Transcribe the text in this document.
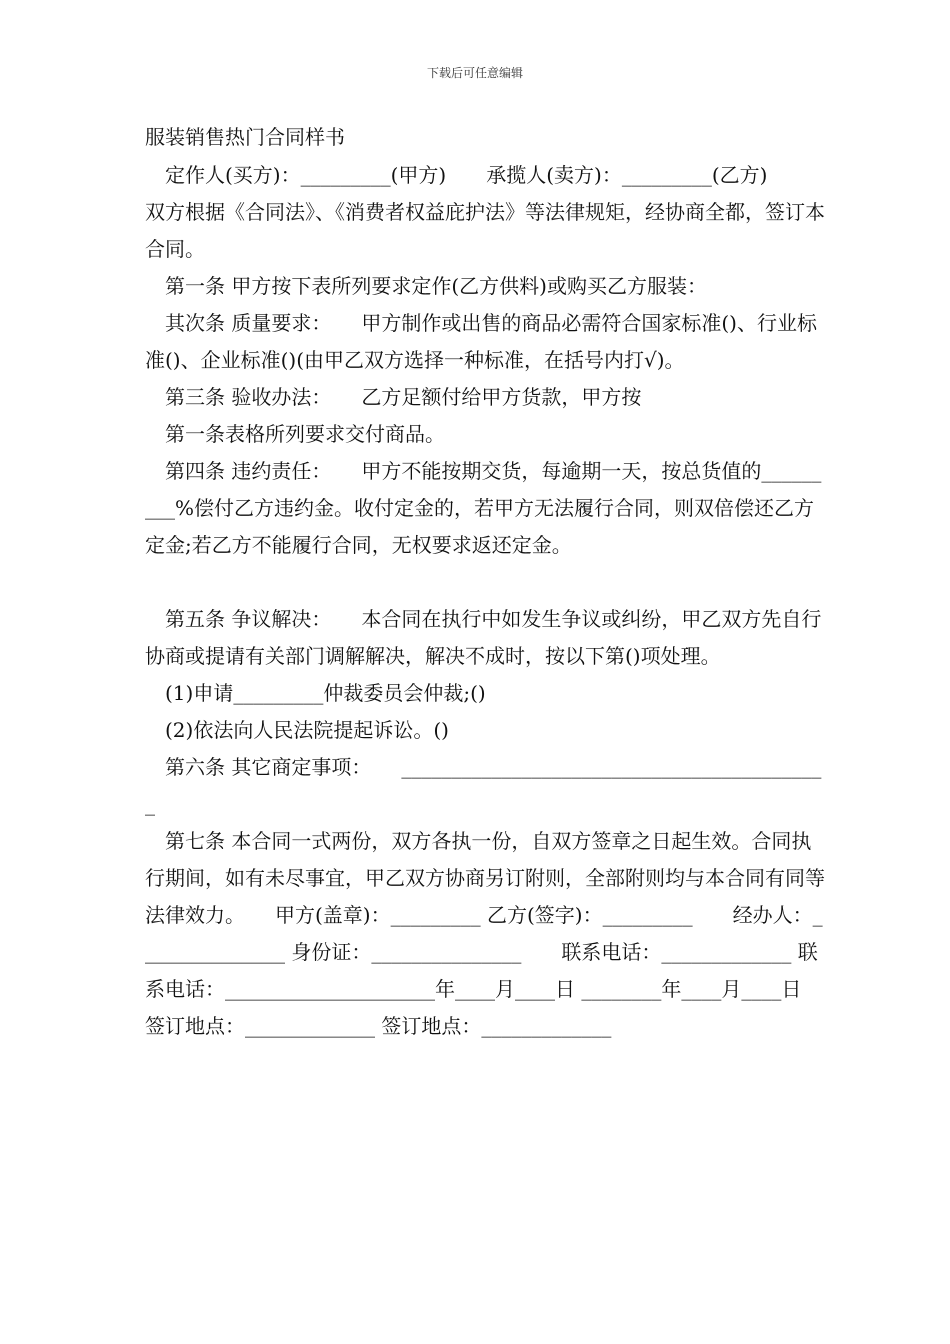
下载后可任意编辑

服装销售热门合同样书

定作人(买方)：_________(甲方)　　承揽人(卖方)：_________(乙方)　　双方根据《合同法》、《消费者权益庇护法》等法律规矩，经协商全都，签订本合同。

第一条 甲方按下表所列要求定作(乙方供料)或购买乙方服装：

其次条 质量要求：　　甲方制作或出售的商品必需符合国家标准()、行业标准()、企业标准()(由甲乙双方选择一种标准，在括号内打√)。

第三条 验收办法：　　乙方足额付给甲方货款，甲方按

第一条表格所列要求交付商品。

第四条 违约责任：　　甲方不能按期交货，每逾期一天，按总货值的_________%偿付乙方违约金。收付定金的，若甲方无法履行合同，则双倍偿还乙方定金;若乙方不能履行合同，无权要求返还定金。

第五条 争议解决：　　本合同在执行中如发生争议或纠纷，甲乙双方先自行协商或提请有关部门调解解决，解决不成时，按以下第()项处理。

(1)申请_________仲裁委员会仲裁;()

(2)依法向人民法院提起诉讼。()

第六条 其它商定事项：　　___________________________________________

第七条 本合同一式两份，双方各执一份，自双方签章之日起生效。合同执行期间，如有未尽事宜，甲乙双方协商另订附则，全部附则均与本合同有同等法律效力。　　甲方(盖章)：_________ 乙方(签字)：_________　　经办人：_______________ 身份证：_______________　　联系电话：_____________ 联系电话：_____________________年____月____日 ________年____月____日　　签订地点：_____________ 签订地点：_____________
